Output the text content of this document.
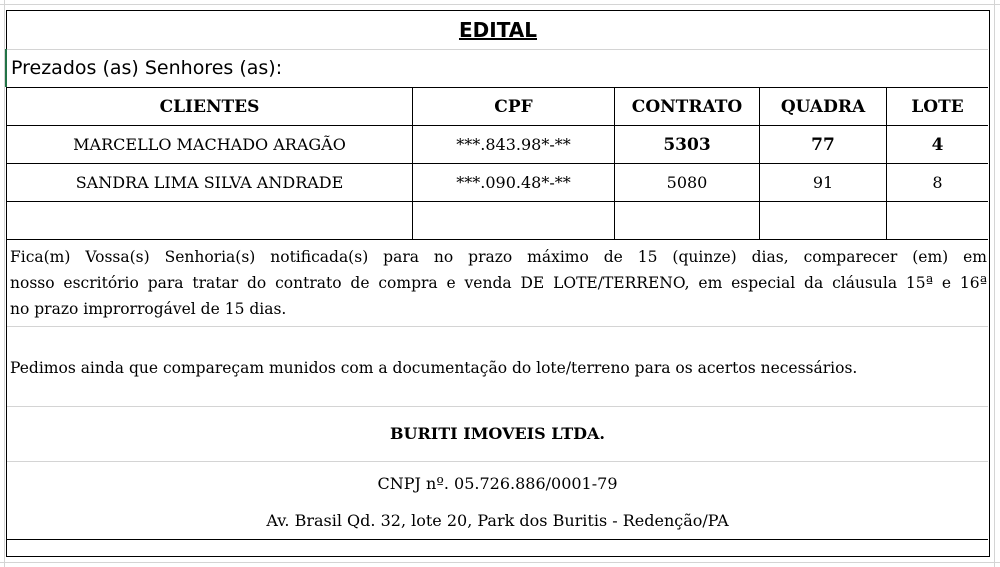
EDITAL
Prezados (as) Senhores (as):
CLIENTES	CPF	CONTRATO	QUADRA	LOTE
MARCELLO MACHADO ARAGÃO	***.843.98*-**	5303	77	4
SANDRA LIMA SILVA ANDRADE	***.090.48*-**	5080	91	8
Fica(m) Vossa(s) Senhoria(s) notificada(s) para no prazo máximo de 15 (quinze) dias, comparecer (em) em
nosso escritório para tratar do contrato de compra e venda DE LOTE/TERRENO, em especial da cláusula 15ª e 16ª
no prazo improrrogável de 15 dias.
Pedimos ainda que compareçam munidos com a documentação do lote/terreno para os acertos necessários.
BURITI IMOVEIS LTDA.
CNPJ nº. 05.726.886/0001-79
Av. Brasil Qd. 32, lote 20, Park dos Buritis - Redenção/PA
